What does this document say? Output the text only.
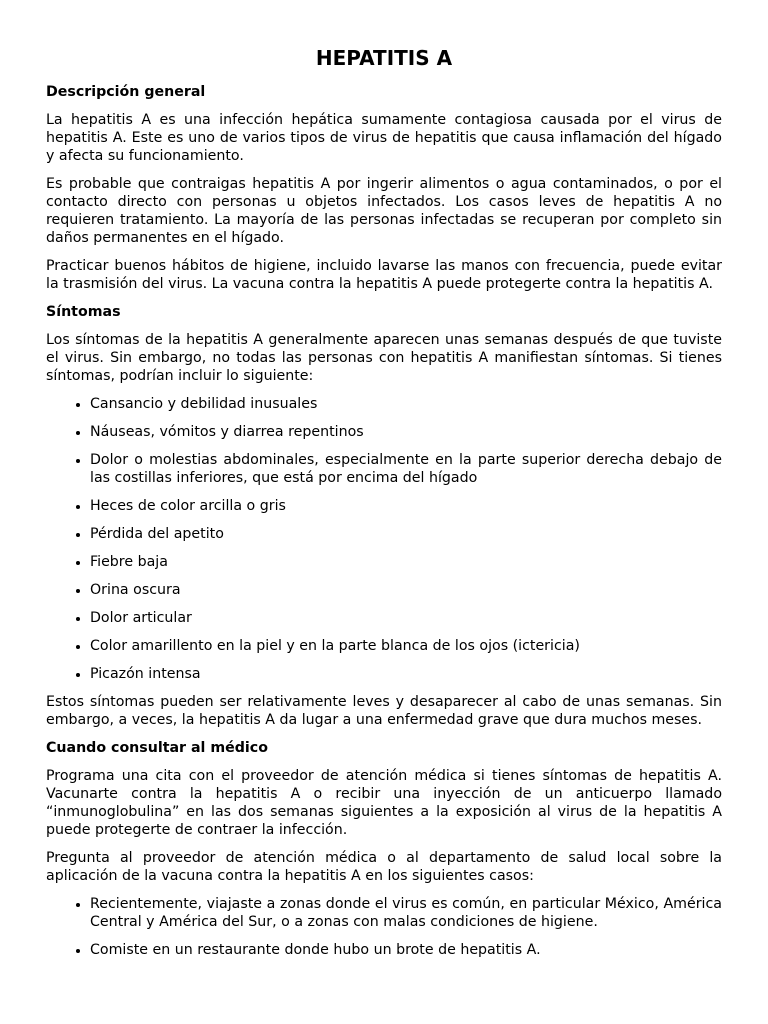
HEPATITIS A
Descripción general

La hepatitis A es una infección hepática sumamente contagiosa causada por el virus de hepatitis A. Este es uno de varios tipos de virus de hepatitis que causa inflamación del hígado y afecta su funcionamiento.

Es probable que contraigas hepatitis A por ingerir alimentos o agua contaminados, o por el contacto directo con personas u objetos infectados. Los casos leves de hepatitis A no requieren tratamiento. La mayoría de las personas infectadas se recuperan por completo sin daños permanentes en el hígado.

Practicar buenos hábitos de higiene, incluido lavarse las manos con frecuencia, puede evitar la trasmisión del virus. La vacuna contra la hepatitis A puede protegerte contra la hepatitis A.

Síntomas

Los síntomas de la hepatitis A generalmente aparecen unas semanas después de que tuviste el virus. Sin embargo, no todas las personas con hepatitis A manifiestan síntomas. Si tienes síntomas, podrían incluir lo siguiente:

• Cansancio y debilidad inusuales
• Náuseas, vómitos y diarrea repentinos
• Dolor o molestias abdominales, especialmente en la parte superior derecha debajo de las costillas inferiores, que está por encima del hígado
• Heces de color arcilla o gris
• Pérdida del apetito
• Fiebre baja
• Orina oscura
• Dolor articular
• Color amarillento en la piel y en la parte blanca de los ojos (ictericia)
• Picazón intensa

Estos síntomas pueden ser relativamente leves y desaparecer al cabo de unas semanas. Sin embargo, a veces, la hepatitis A da lugar a una enfermedad grave que dura muchos meses.

Cuando consultar al médico

Programa una cita con el proveedor de atención médica si tienes síntomas de hepatitis A. Vacunarte contra la hepatitis A o recibir una inyección de un anticuerpo llamado “inmunoglobulina” en las dos semanas siguientes a la exposición al virus de la hepatitis A puede protegerte de contraer la infección.

Pregunta al proveedor de atención médica o al departamento de salud local sobre la aplicación de la vacuna contra la hepatitis A en los siguientes casos:

• Recientemente, viajaste a zonas donde el virus es común, en particular México, América Central y América del Sur, o a zonas con malas condiciones de higiene.
• Comiste en un restaurante donde hubo un brote de hepatitis A.
